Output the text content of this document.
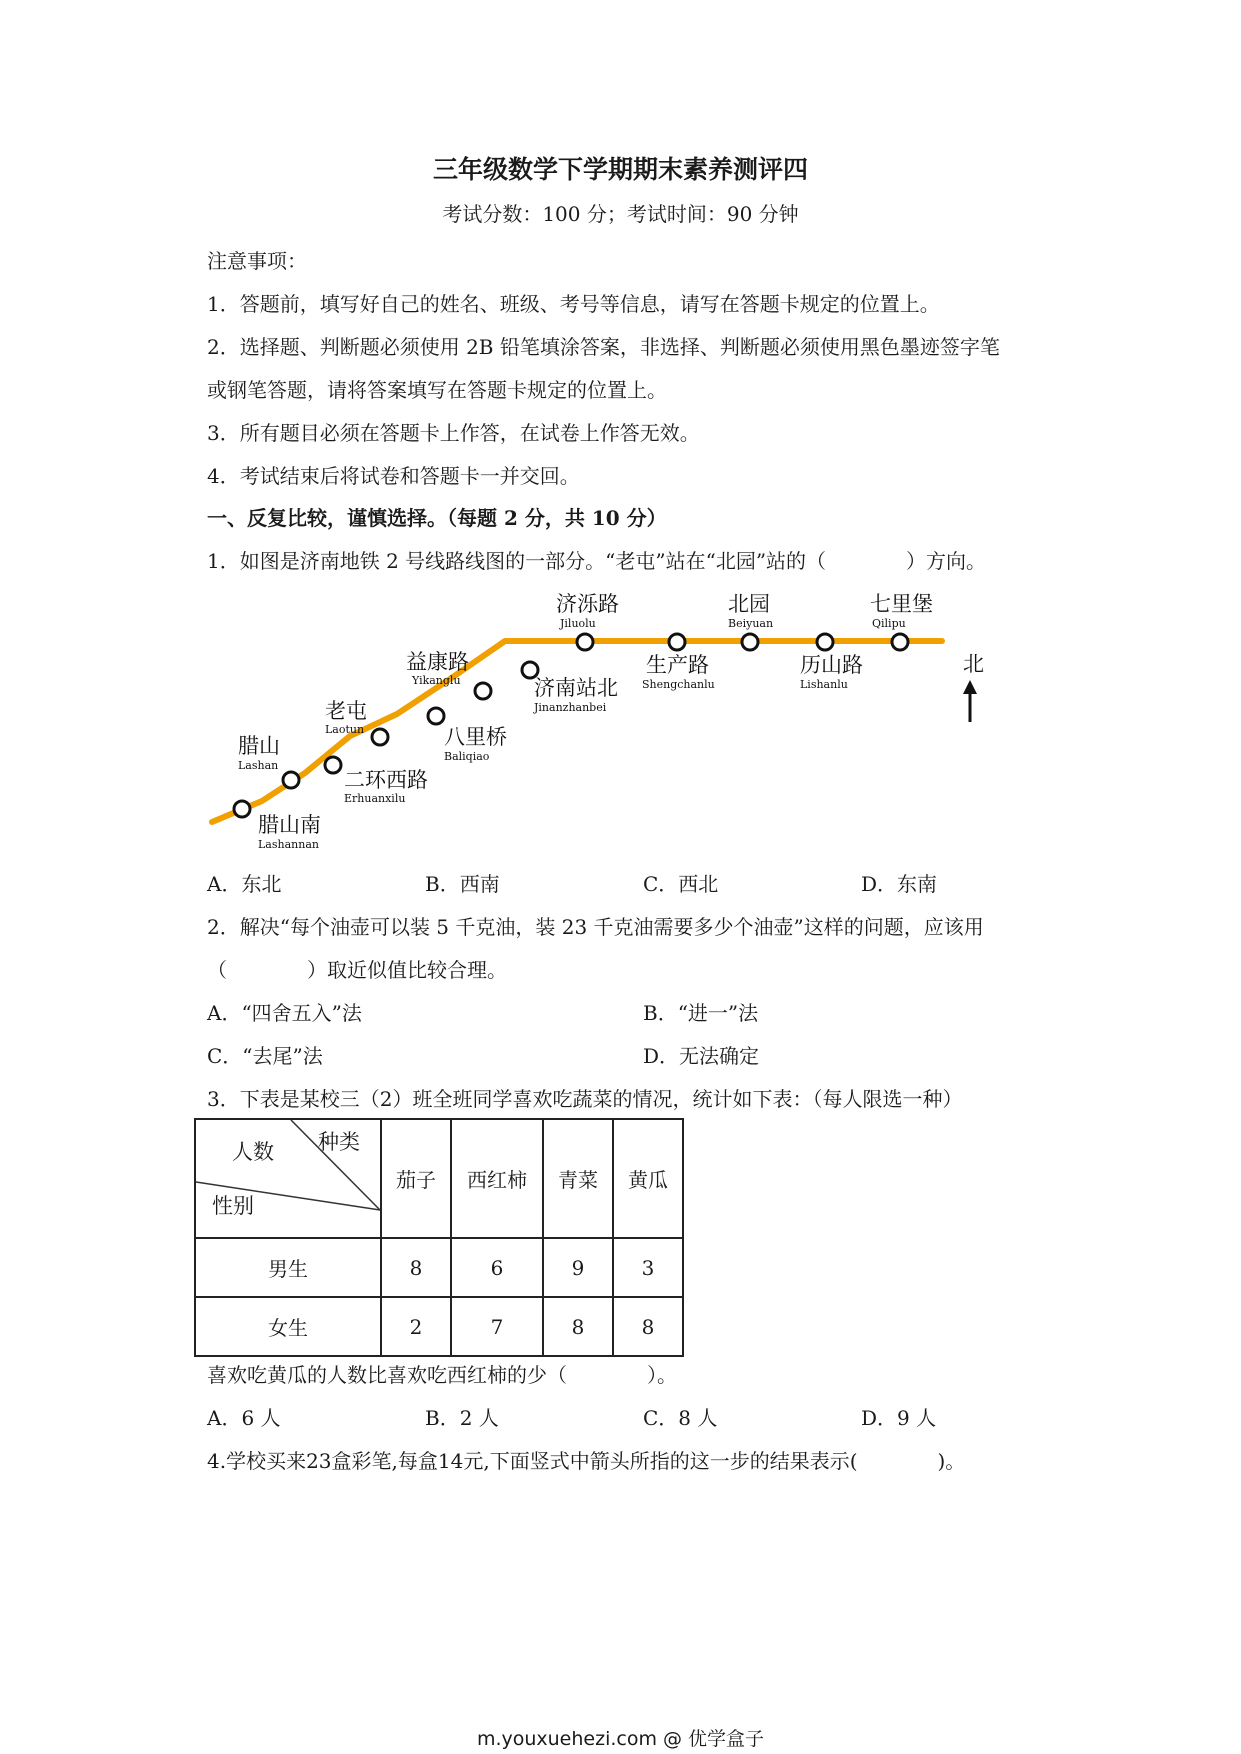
三年级数学下学期期末素养测评四
考试分数：100 分；考试时间：90 分钟
注意事项：
1．答题前，填写好自己的姓名、班级、考号等信息，请写在答题卡规定的位置上。
2．选择题、判断题必须使用 2B 铅笔填涂答案，非选择、判断题必须使用黑色墨迹签字笔
或钢笔答题，请将答案填写在答题卡规定的位置上。
3．所有题目必须在答题卡上作答，在试卷上作答无效。
4．考试结束后将试卷和答题卡一并交回。
一、反复比较，谨慎选择。（每题 2 分，共 10 分）
1．如图是济南地铁 2 号线路线图的一部分。“老屯”站在“北园”站的（　　　　）方向。
腊山南
Lashannan
腊山
Lashan
二环西路
Erhuanxilu
老屯
Laotun	八里桥
Baliqiao
益康路
Yikanglu	济南站北
Jinanzhanbei
济泺路
Jiluolu
生产路
Shengchanlu
北园
Beiyuan
历山路
Lishanlu
七里堡
Qilipu
北
A．东北	B．西南	C．西北	D．东南
2．解决“每个油壶可以装 5 千克油，装 23 千克油需要多少个油壶”这样的问题，应该用
（　　　　）取近似值比较合理。
A．“四舍五入”法	B．“进一”法
C．“去尾”法	D．无法确定
3．下表是某校三（2）班全班同学喜欢吃蔬菜的情况，统计如下表：（每人限选一种）
种类
人数
性别	茄子	西红柿	青菜	黄瓜
男生	8	6	9	3
女生	2	7	8	8
喜欢吃黄瓜的人数比喜欢吃西红柿的少（　　　　）。
A．6 人	B．2 人	C．8 人	D．9 人
4.学校买来23盒彩笔,每盒14元,下面竖式中箭头所指的这一步的结果表示(　　　　)。
m.youxuehezi.com @ 优学盒子
